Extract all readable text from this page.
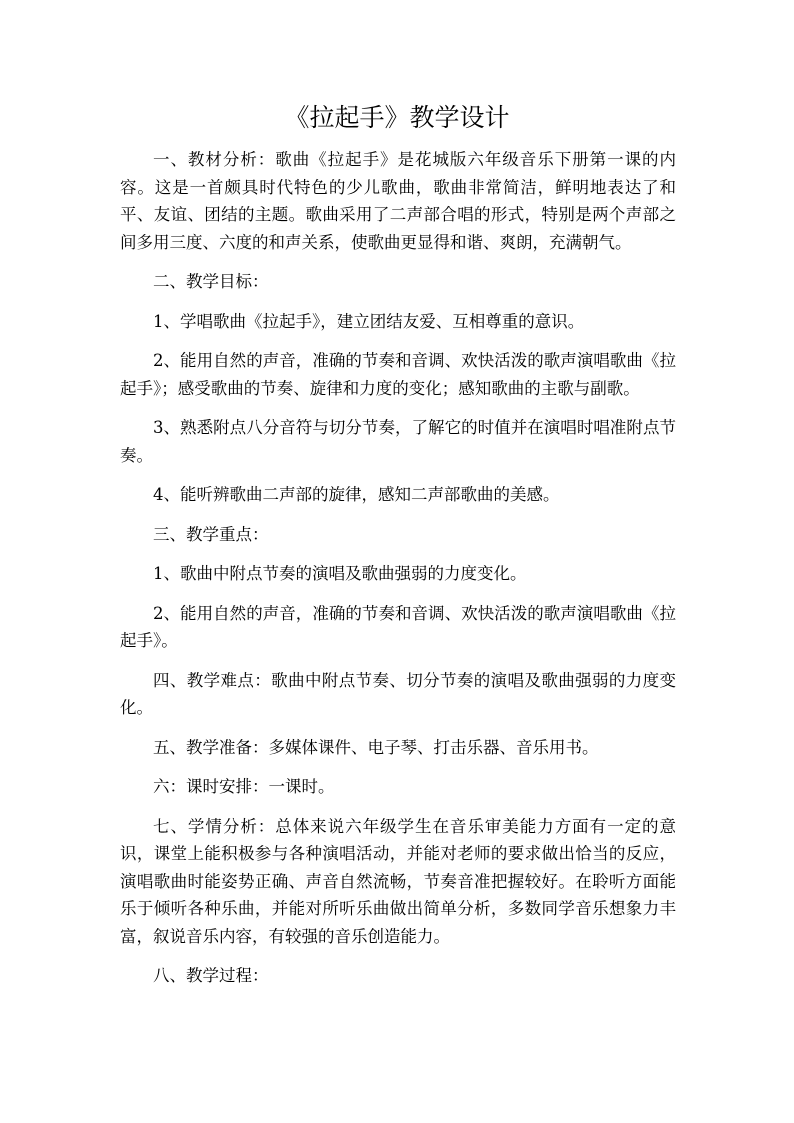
《拉起手》教学设计

一、教材分析：歌曲《拉起手》是花城版六年级音乐下册第一课的内容。这是一首颇具时代特色的少儿歌曲，歌曲非常简洁，鲜明地表达了和平、友谊、团结的主题。歌曲采用了二声部合唱的形式，特别是两个声部之间多用三度、六度的和声关系，使歌曲更显得和谐、爽朗，充满朝气。

二、教学目标：

1、学唱歌曲《拉起手》，建立团结友爱、互相尊重的意识。

2、能用自然的声音，准确的节奏和音调、欢快活泼的歌声演唱歌曲《拉起手》；感受歌曲的节奏、旋律和力度的变化；感知歌曲的主歌与副歌。

3、熟悉附点八分音符与切分节奏，了解它的时值并在演唱时唱准附点节奏。

4、能听辨歌曲二声部的旋律，感知二声部歌曲的美感。

三、教学重点：

1、歌曲中附点节奏的演唱及歌曲强弱的力度变化。

2、能用自然的声音，准确的节奏和音调、欢快活泼的歌声演唱歌曲《拉起手》。

四、教学难点：歌曲中附点节奏、切分节奏的演唱及歌曲强弱的力度变化。

五、教学准备：多媒体课件、电子琴、打击乐器、音乐用书。

六：课时安排：一课时。

七、学情分析：总体来说六年级学生在音乐审美能力方面有一定的意识，课堂上能积极参与各种演唱活动，并能对老师的要求做出恰当的反应，演唱歌曲时能姿势正确、声音自然流畅，节奏音准把握较好。在聆听方面能乐于倾听各种乐曲，并能对所听乐曲做出简单分析，多数同学音乐想象力丰富，叙说音乐内容，有较强的音乐创造能力。

八、教学过程：
